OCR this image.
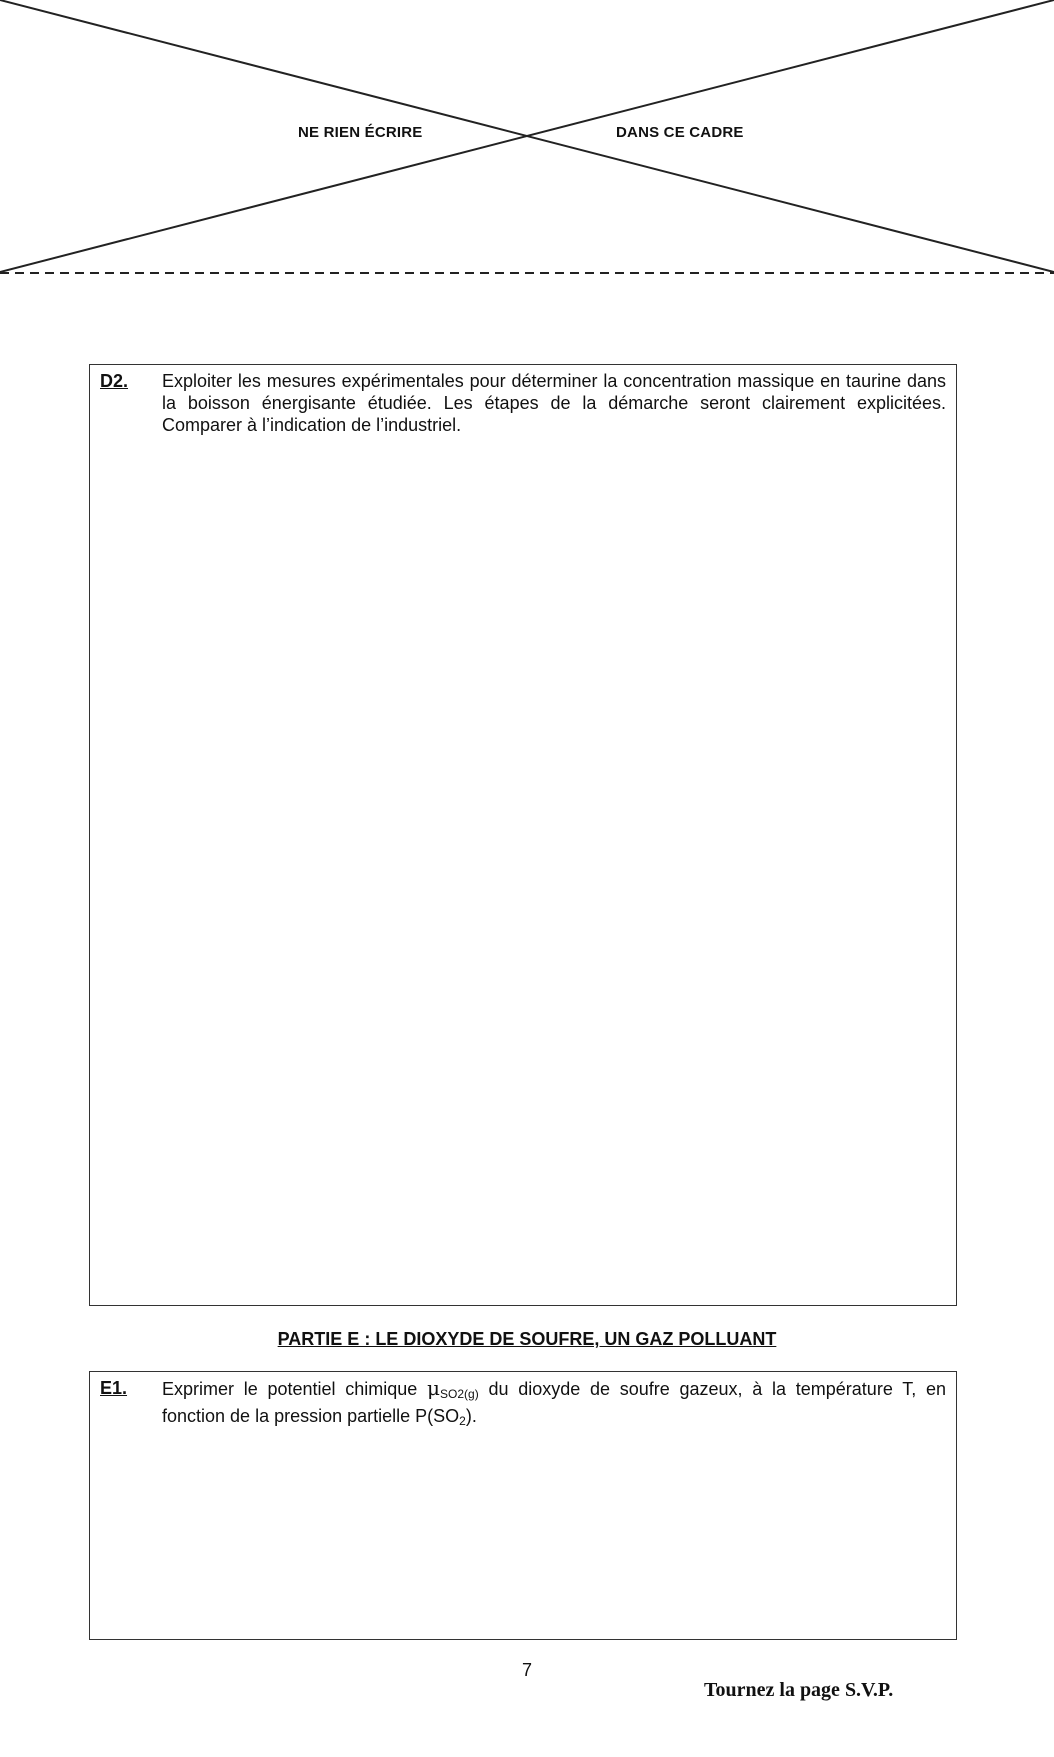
NE RIEN ÉCRIRE	DANS CE CADRE
D2. Exploiter les mesures expérimentales pour déterminer la concentration massique en taurine dans la boisson énergisante étudiée. Les étapes de la démarche seront clairement explicitées. Comparer à l’indication de l’industriel.
PARTIE E : LE DIOXYDE DE SOUFRE, UN GAZ POLLUANT
E1. Exprimer le potentiel chimique $\mu_{SO2(g)}$ du dioxyde de soufre gazeux, à la température T, en fonction de la pression partielle $P(SO_2)$.
7
Tournez la page S.V.P.
